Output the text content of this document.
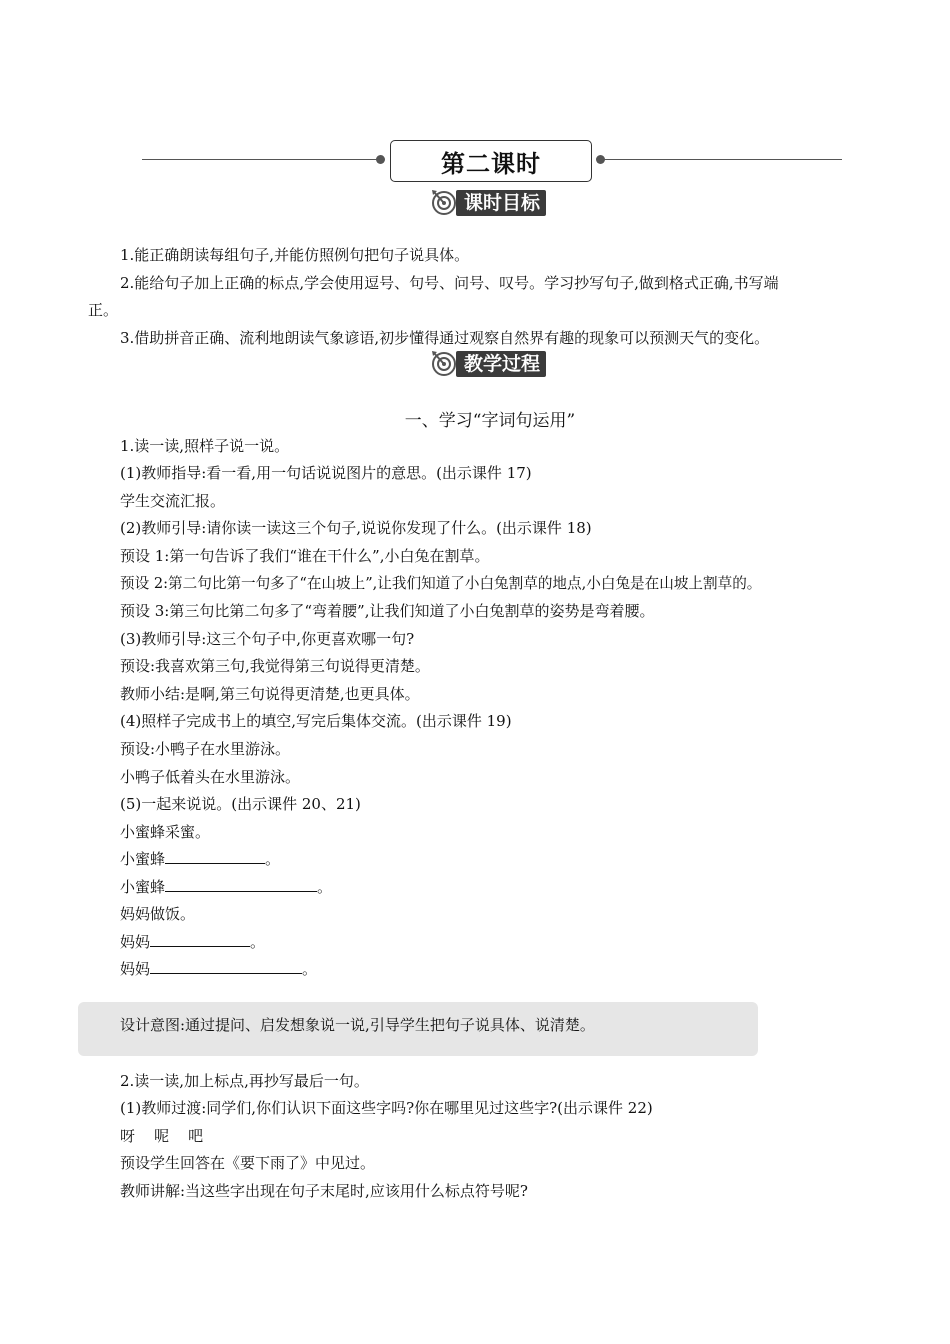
第二课时
课时目标
1.能正确朗读每组句子,并能仿照例句把句子说具体。
2.能给句子加上正确的标点,学会使用逗号、句号、问号、叹号。学习抄写句子,做到格式正确,书写端
正。
3.借助拼音正确、流利地朗读气象谚语,初步懂得通过观察自然界有趣的现象可以预测天气的变化。
教学过程
一、学习“字词句运用”
1.读一读,照样子说一说。
(1)教师指导:看一看,用一句话说说图片的意思。(出示课件 17)
学生交流汇报。
(2)教师引导:请你读一读这三个句子,说说你发现了什么。(出示课件 18)
预设 1:第一句告诉了我们“谁在干什么”,小白兔在割草。
预设 2:第二句比第一句多了“在山坡上”,让我们知道了小白兔割草的地点,小白兔是在山坡上割草的。
预设 3:第三句比第二句多了“弯着腰”,让我们知道了小白兔割草的姿势是弯着腰。
(3)教师引导:这三个句子中,你更喜欢哪一句?
预设:我喜欢第三句,我觉得第三句说得更清楚。
教师小结:是啊,第三句说得更清楚,也更具体。
(4)照样子完成书上的填空,写完后集体交流。(出示课件 19)
预设:小鸭子在水里游泳。
小鸭子低着头在水里游泳。
(5)一起来说说。(出示课件 20、21)
小蜜蜂采蜜。
小蜜蜂	。
小蜜蜂	。
妈妈做饭。
妈妈	。
妈妈	。
设计意图:通过提问、启发想象说一说,引导学生把句子说具体、说清楚。
2.读一读,加上标点,再抄写最后一句。
(1)教师过渡:同学们,你们认识下面这些字吗?你在哪里见过这些字?(出示课件 22)
呀    呢    吧
预设学生回答在《要下雨了》中见过。
教师讲解:当这些字出现在句子末尾时,应该用什么标点符号呢?
